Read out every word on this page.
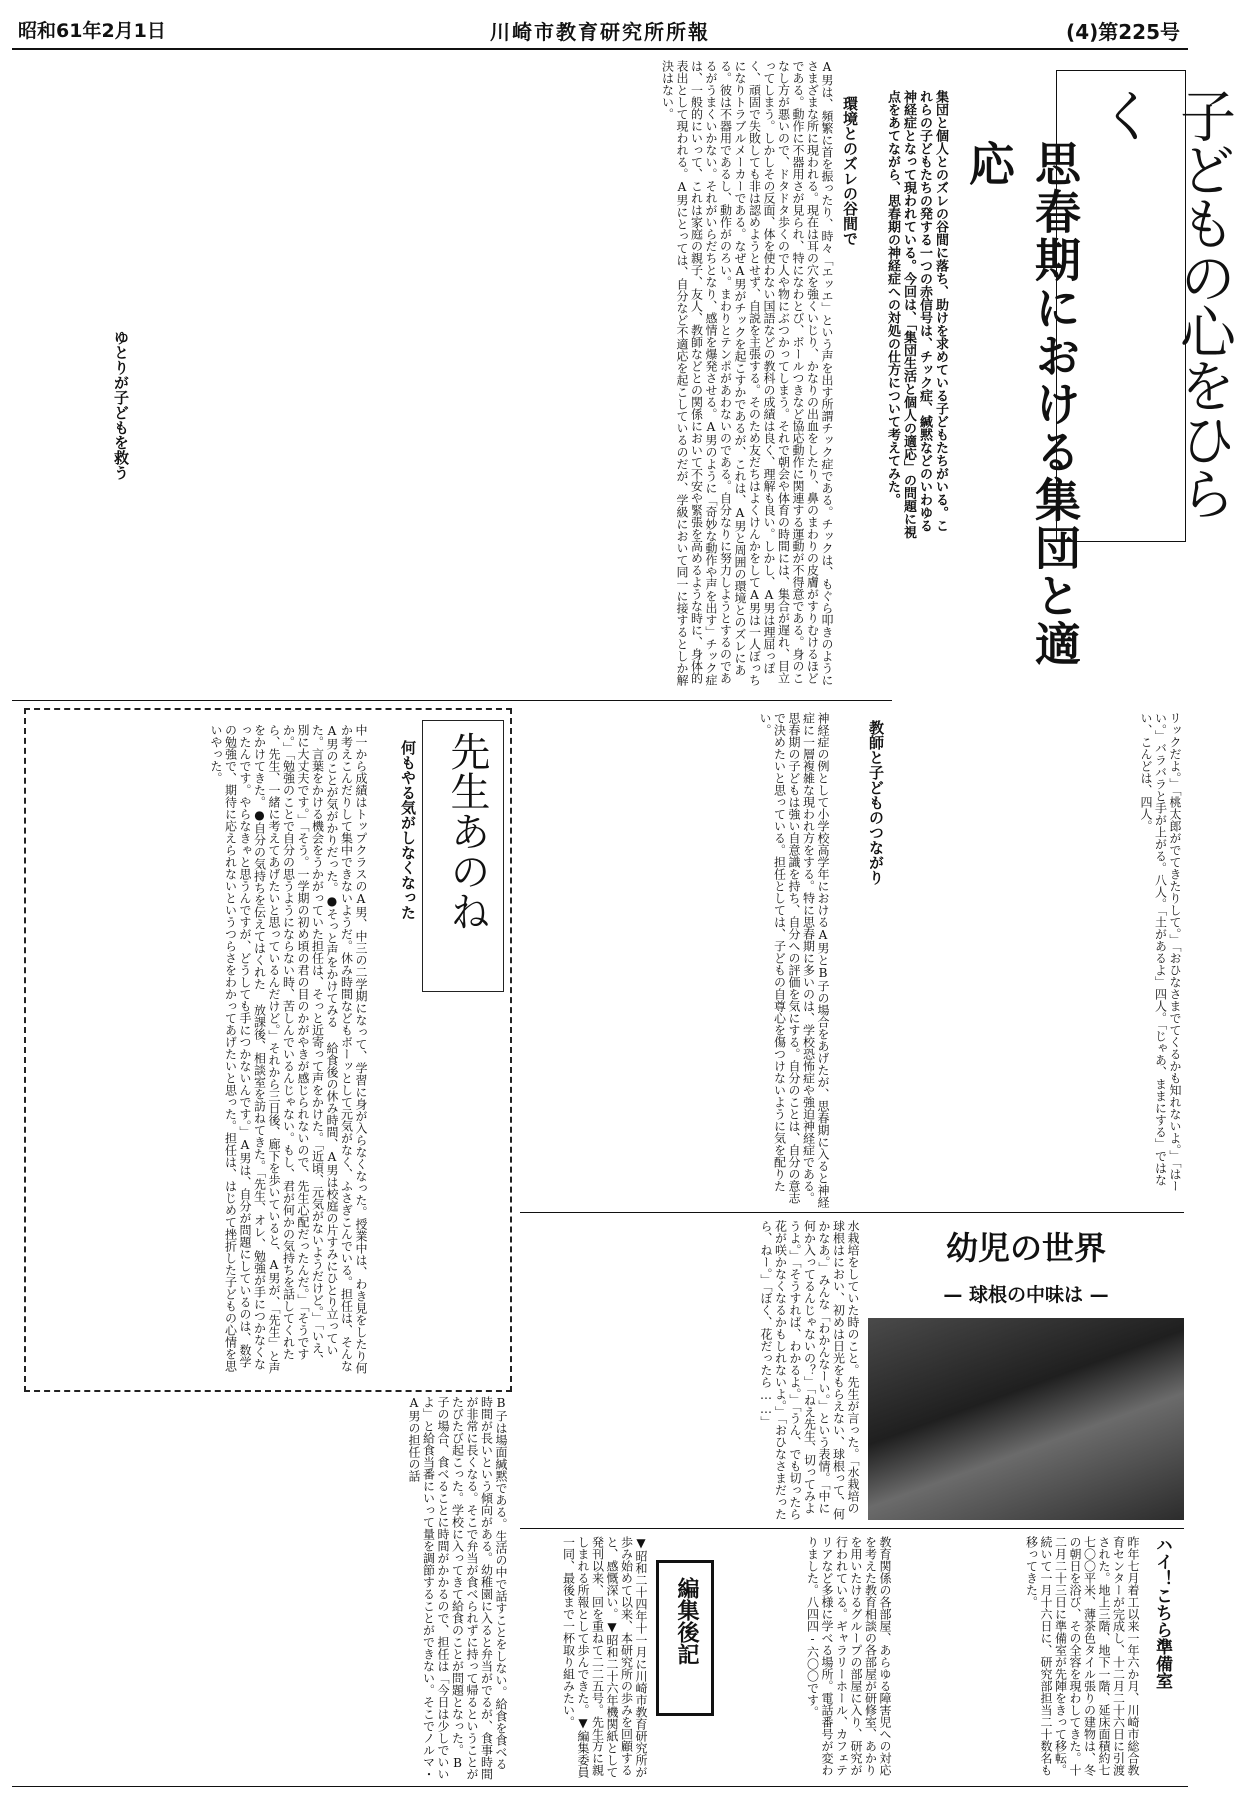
昭和61年2月1日	川崎市教育研究所所報	(4)第225号
子どもの心をひらく
思春期における集団と適応
集団と個人とのズレの谷間に落ち、助けを求めている子どもたちがいる。これらの子どもたちの発する一つの赤信号は、チック症、緘黙などのいわゆる神経症となって現われている。今回は、「集団生活と個人の適応」の問題に視点をあてながら、思春期の神経症への対処の仕方について考えてみた。
環境とのズレの谷間で
A男は、頻繁に首を振ったり、時々「エッエ」という声を出す所謂チック症である。チックは、もぐら叩きのようにさまざまな所に現われる。現在は耳の穴を強くいじり、かなりの出血をしたり、鼻のまわりの皮膚がすりむけるほどである。動作に不器用さが見られ、特になわとび、ボールつきなど協応動作に関連する運動が不得意である。身のこなし方が悪いので、ドタドタ歩くので人や物にぶつかってしまう。それで朝会や体育の時間には、集合が遅れ、目立ってしまう。しかしその反面、体を使わない国語などの教科の成績は良く、理解も良い。しかし、A男は理屈っぽく、頑固で失敗しても非は認めようとせず、自説を主張する。そのため友だちはよくけんかをしてA男は一人ぼっちになりトラブルメーカーである。なぜA男がチックを起こすかであるが、これは、A男と周囲の環境とのズレにある。彼は不器用であるし、動作がのろい。まわりとテンポがあわないのである。自分なりに努力しようとするのであるがうまくいかない。それがいらだちとなり、感情を爆発させる。A男のように「奇妙な動作や声を出す」チック症は、一般的にいって、これは家庭の親子、友人、教師などとの関係において不安や緊張を高めるような時に、身体的表出として現われる。A男にとっては、自分など不適応を起こしているのだが、学級において同一に接するとしか解決はない。
ゆとりが子どもを救う
先生あのね
何もやる気がしなくなった
中一から成績はトップクラスのA男、中三の二学期になって、学習に身が入らなくなった。授業中は、わき見をしたり何か考えこんだりして集中できないようだ。休み時間などもボーッとして元気がなく、ふさぎこんでいる。担任は、そんなA男のことが気がかりだった。●そっと声をかけてみる 給食後の休み時間、A男は校庭の片すみにひとり立っていた。言葉をかける機会をうかがっていた担任は、そっと近寄って声をかけた。「近頃、元気がないようだけど。」「いえ、別に大丈夫です。」「そう。一学期の初め頃の君の目のかがやきが感じられないので、先生心配だったんだ。」「そうですか。」「勉強のことで自分の思うようにならない時、苦しんでいるんじゃない。もし、君が何かの気持ちを話してくれたら、先生、一緒に考えてあげたいと思っているんだけど。」それから三日後、廊下を歩いていると、A男が、「先生」と声をかけてきた。●自分の気持ちを伝えてはくれた 放課後、相談室を訪ねてきた。「先生、オレ、勉強が手につかなくなったんです。やらなきゃと思うんですが、どうしても手につかないんです。」A男は、自分が問題にしているのは、数学の勉強で、期待に応えられないというつらさをわかってあげたいと思った。担任は、はじめて挫折した子どもの心情を思いやった。	教師と子どものつながり
神経症の例として小学校高学年におけるA男とB子の場合をあげたが、思春期に入ると神経症に一層複雑な現われ方をする。特に思春期に多いのは、学校恐怖症や強迫神経症である。思春期の子どもは強い自意識を持ち、自分への評価を気にする。自分のことは、自分の意志で決めたいと思っている。担任としては、子どもの自尊心を傷つけないように気を配りたい。	リックだよ。」「桃太郎がでてきたりして。」「おひなさまでてくるかも知れないよ。」「はーい。」バラバラと手が上がる。八人。「土があるよ」四人。「じゃあ、ままにする」ではない、こんどは、四人。
幼児の世界
— 球根の中味は —
水栽培をしていた時のこと。先生が言った。「水栽培の球根はにおい、初めは日光をもらえない、球根って、何かなあ。」みんな「わかんなーい。」という表情。「中に何か入ってるんじゃないの？」「ねえ先生、切ってみようよ。」「そうすれば、わかるよ。」「うん、でも切ったら花が咲かなくなるかもしれないよ。」「おひなさまだったら、ねー。」「ぼく、花だったら……」
ハイ！こちら準備室
昨年七月着工以来一年六か月、川崎市総合教育センターが完成し、十二月二十六日に引渡された。地上三階、地下一階、延床面積約七七〇〇平米、薄茶色タイル張りの建物は、冬の朝日を浴び、その全容を現わしてきた。十二月二十三日に準備室が先陣をきって移転。続いて一月十六日に、研究部担当二十数名も移ってきた。
教育関係の各部屋、あらゆる障害児への対応を考えた教育相談の各部屋が研修室、あかりを用いたけるグループの部屋に入り、研究が行われている。ギャラリーホール、カフェテリアなど多様に学べる場所。電話番号が変わりました。八四四-六〇〇です。
編集後記
▼昭和二十四年十一月に川崎市教育研究所が歩み始めて以来、本研究所の歩みを回顧すると、感慨深い。▼昭和二十六年機関紙として発刊以来、回を重ねて二二五号。先生方に親しまれる所報として歩んできた。▼編集委員一同、最後まで一杯取り組みたい。
B子は場面緘黙である。生活の中で話すことをしない。給食を食べる時間が長いという傾向がある。幼稚園に入ると弁当がでるが、食事時間が非常に長くなる。そこで弁当が食べられずに持って帰るということがたびたび起こった。学校に入ってきて給食のことが問題となった。B子の場合、食べることに時間がかかるので、担任は「今日は少しでいいよ」と給食当番にいって量を調節することができない。そこでノルマ・A男の担任の話
